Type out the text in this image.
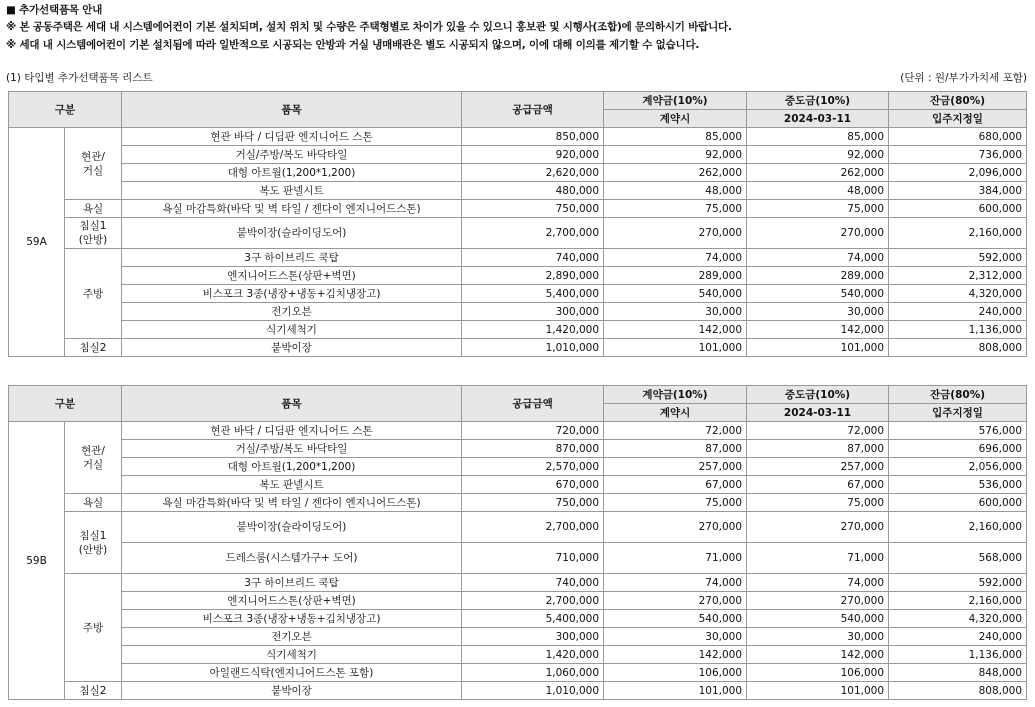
■ 추가선택품목 안내
※ 본 공동주택은 세대 내 시스템에어컨이 기본 설치되며, 설치 위치 및 수량은 주택형별로 차이가 있을 수 있으니 홍보관 및 시행사(조합)에 문의하시기 바랍니다.
※ 세대 내 시스템에어컨이 기본 설치됨에 따라 일반적으로 시공되는 안방과 거실 냉매배관은 별도 시공되지 않으며, 이에 대해 이의를 제기할 수 없습니다.
(1) 타입별 추가선택품목 리스트	(단위 : 원/부가가치세 포함)
구분		품목	공급금액	계약금(10%)	중도금(10%)	잔금(80%)
				계약시	2024-03-11	입주지정일
59A	현관/
거실	현관 바닥 / 디딤판 엔지니어드 스톤	850,000	85,000	85,000	680,000
		거실/주방/복도 바닥타일	920,000	92,000	92,000	736,000
		대형 아트월(1,200*1,200)	2,620,000	262,000	262,000	2,096,000
		복도 판넬시트	480,000	48,000	48,000	384,000
	욕실	욕실 마감특화(바닥 및 벽 타일 / 젠다이 엔지니어드스톤)	750,000	75,000	75,000	600,000
	침실1
(안방)	붙박이장(슬라이딩도어)	2,700,000	270,000	270,000	2,160,000
	주방	3구 하이브리드 쿡탑	740,000	74,000	74,000	592,000
		엔지니어드스톤(상판+벽면)	2,890,000	289,000	289,000	2,312,000
		비스포크 3종(냉장+냉동+김치냉장고)	5,400,000	540,000	540,000	4,320,000
		전기오븐	300,000	30,000	30,000	240,000
		식기세척기	1,420,000	142,000	142,000	1,136,000
	침실2	붙박이장	1,010,000	101,000	101,000	808,000
구분		품목	공급금액	계약금(10%)	중도금(10%)	잔금(80%)
				계약시	2024-03-11	입주지정일
59B	현관/
거실	현관 바닥 / 디딤판 엔지니어드 스톤	720,000	72,000	72,000	576,000
		거실/주방/복도 바닥타일	870,000	87,000	87,000	696,000
		대형 아트월(1,200*1,200)	2,570,000	257,000	257,000	2,056,000
		복도 판넬시트	670,000	67,000	67,000	536,000
	욕실	욕실 마감특화(바닥 및 벽 타일 / 젠다이 엔지니어드스톤)	750,000	75,000	75,000	600,000
	침실1
(안방)	붙박이장(슬라이딩도어)	2,700,000	270,000	270,000	2,160,000
		드레스룸(시스템가구+ 도어)	710,000	71,000	71,000	568,000
	주방	3구 하이브리드 쿡탑	740,000	74,000	74,000	592,000
		엔지니어드스톤(상판+벽면)	2,700,000	270,000	270,000	2,160,000
		비스포크 3종(냉장+냉동+김치냉장고)	5,400,000	540,000	540,000	4,320,000
		전기오븐	300,000	30,000	30,000	240,000
		식기세척기	1,420,000	142,000	142,000	1,136,000
		아일랜드식탁(엔지니어드스톤 포함)	1,060,000	106,000	106,000	848,000
	침실2	붙박이장	1,010,000	101,000	101,000	808,000
